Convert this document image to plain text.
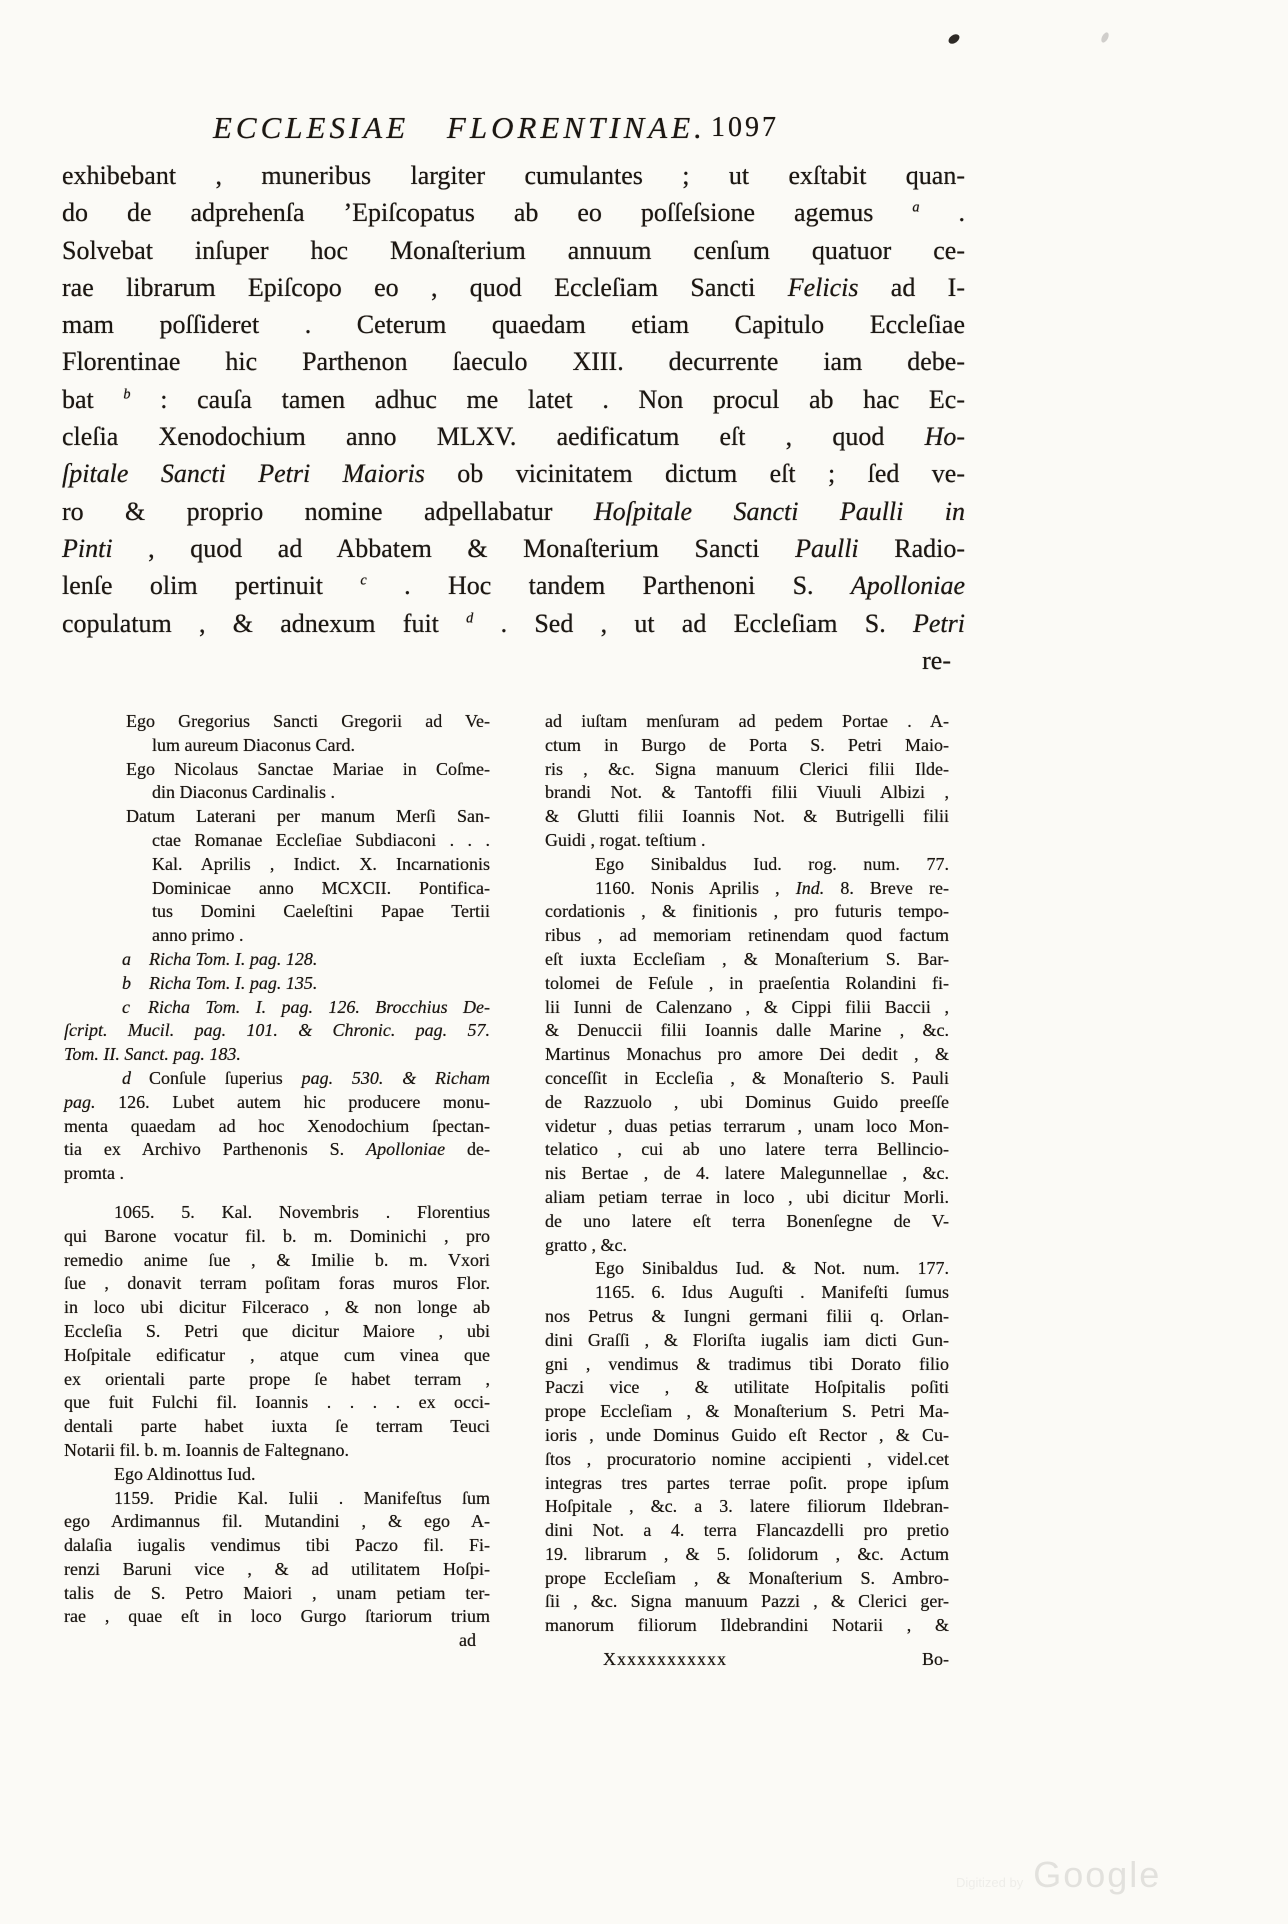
ECCLESIAE FLORENTINAE. 1097
exhibebant , muneribus largiter cumulantes ; ut exſtabit quan-
do de adprehenſa ’Epiſcopatus ab eo poſſeſsione agemus $^a$ .
Solvebat inſuper hoc Monaſterium annuum cenſum quatuor ce-
rae librarum Epiſcopo eo , quod Eccleſiam Sancti Felicis ad I-
mam poſſideret . Ceterum quaedam etiam Capitulo Eccleſiae
Florentinae hic Parthenon ſaeculo XIII. decurrente iam debe-
bat $^b$ : cauſa tamen adhuc me latet . Non procul ab hac Ec-
cleſia Xenodochium anno MLXV. aedificatum eſt , quod Ho-
ſpitale Sancti Petri Maioris ob vicinitatem dictum eſt ; ſed ve-
ro & proprio nomine adpellabatur Hoſpitale Sancti Paulli in
Pinti , quod ad Abbatem & Monaſterium Sancti Paulli Radio-
lenſe olim pertinuit $^c$ . Hoc tandem Parthenoni S. Apolloniae
copulatum , & adnexum fuit $^d$ . Sed , ut ad Eccleſiam S. Petri
re-
Ego Gregorius Sancti Gregorii ad Ve-
lum aureum Diaconus Card.
Ego Nicolaus Sanctae Mariae in Coſme-
din Diaconus Cardinalis .
Datum Laterani per manum Merſi San-
ctae Romanae Eccleſiae Subdiaconi . . .
Kal. Aprilis , Indict. X. Incarnationis
Dominicae anno MCXCII. Pontifica-
tus Domini Caeleſtini Papae Tertii
anno primo .
a   Richa Tom. I. pag. 128.
b   Richa Tom. I. pag. 135.
c   Richa Tom. I. pag. 126. Brocchius De-
ſcript. Mucil. pag. 101. & Chronic. pag. 57.
Tom. II. Sanct. pag. 183.
d  Conſule ſuperius pag. 530. & Richam
pag. 126. Lubet autem hic producere monu-
menta quaedam ad hoc Xenodochium ſpectan-
tia ex Archivo Parthenonis S. Apolloniae de-
promta .
1065. 5. Kal. Novembris . Florentius
qui Barone vocatur fil. b. m. Dominichi , pro
remedio anime ſue , & Imilie b. m. Vxori
ſue , donavit terram poſitam foras muros Flor.
in loco ubi dicitur Filceraco , & non longe ab
Eccleſia S. Petri que dicitur Maiore , ubi
Hoſpitale edificatur , atque cum vinea que
ex orientali parte prope ſe habet terram ,
que fuit Fulchi fil. Ioannis . . . . ex occi-
dentali parte habet iuxta ſe terram Teuci
Notarii fil. b. m. Ioannis de Faltegnano.
Ego Aldinottus Iud.
1159. Pridie Kal. Iulii . Manifeſtus ſum
ego Ardimannus fil. Mutandini , & ego A-
dalaſia iugalis vendimus tibi Paczo fil. Fi-
renzi Baruni vice , & ad utilitatem Hoſpi-
talis de S. Petro Maiori , unam petiam ter-
rae , quae eſt in loco Gurgo ſtariorum trium
ad
ad iuſtam menſuram ad pedem Portae . A-
ctum in Burgo de Porta S. Petri Maio-
ris , &c. Signa manuum Clerici filii Ilde-
brandi Not. & Tantoffi filii Viuuli Albizi ,
& Glutti filii Ioannis Not. & Butrigelli filii
Guidi , rogat. teſtium .
Ego Sinibaldus Iud. rog. num. 77.
1160. Nonis Aprilis , Ind. 8. Breve re-
cordationis , & finitionis , pro futuris tempo-
ribus , ad memoriam retinendam quod factum
eſt iuxta Eccleſiam , & Monaſterium S. Bar-
tolomei de Feſule , in praeſentia Rolandini fi-
lii Iunni de Calenzano , & Cippi filii Baccii ,
& Denuccii filii Ioannis dalle Marine , &c.
Martinus Monachus pro amore Dei dedit , &
conceſſit in Eccleſia , & Monaſterio S. Pauli
de Razzuolo , ubi Dominus Guido preeſſe
videtur , duas petias terrarum , unam loco Mon-
telatico , cui ab uno latere terra Bellincio-
nis Bertae , de 4. latere Malegunnellae , &c.
aliam petiam terrae in loco , ubi dicitur Morli.
de uno latere eſt terra Bonenſegne de V-
gratto , &c.
Ego Sinibaldus Iud. & Not. num. 177.
1165. 6. Idus Auguſti . Manifeſti ſumus
nos Petrus & Iungni germani filii q. Orlan-
dini Graſſi , & Floriſta iugalis iam dicti Gun-
gni , vendimus & tradimus tibi Dorato filio
Paczi vice , & utilitate Hoſpitalis poſiti
prope Eccleſiam , & Monaſterium S. Petri Ma-
ioris , unde Dominus Guido eſt Rector , & Cu-
ſtos , procuratorio nomine accipienti , videl.cet
integras tres partes terrae poſit. prope ipſum
Hoſpitale , &c. a 3. latere filiorum Ildebran-
dini Not. a 4. terra Flancazdelli pro pretio
19. librarum , & 5. ſolidorum , &c. Actum
prope Eccleſiam , & Monaſterium S. Ambro-
ſii , &c. Signa manuum Pazzi , & Clerici ger-
manorum filiorum Ildebrandini Notarii , &
Xxxxxxxxxxxx	Bo-
Digitized by Google
